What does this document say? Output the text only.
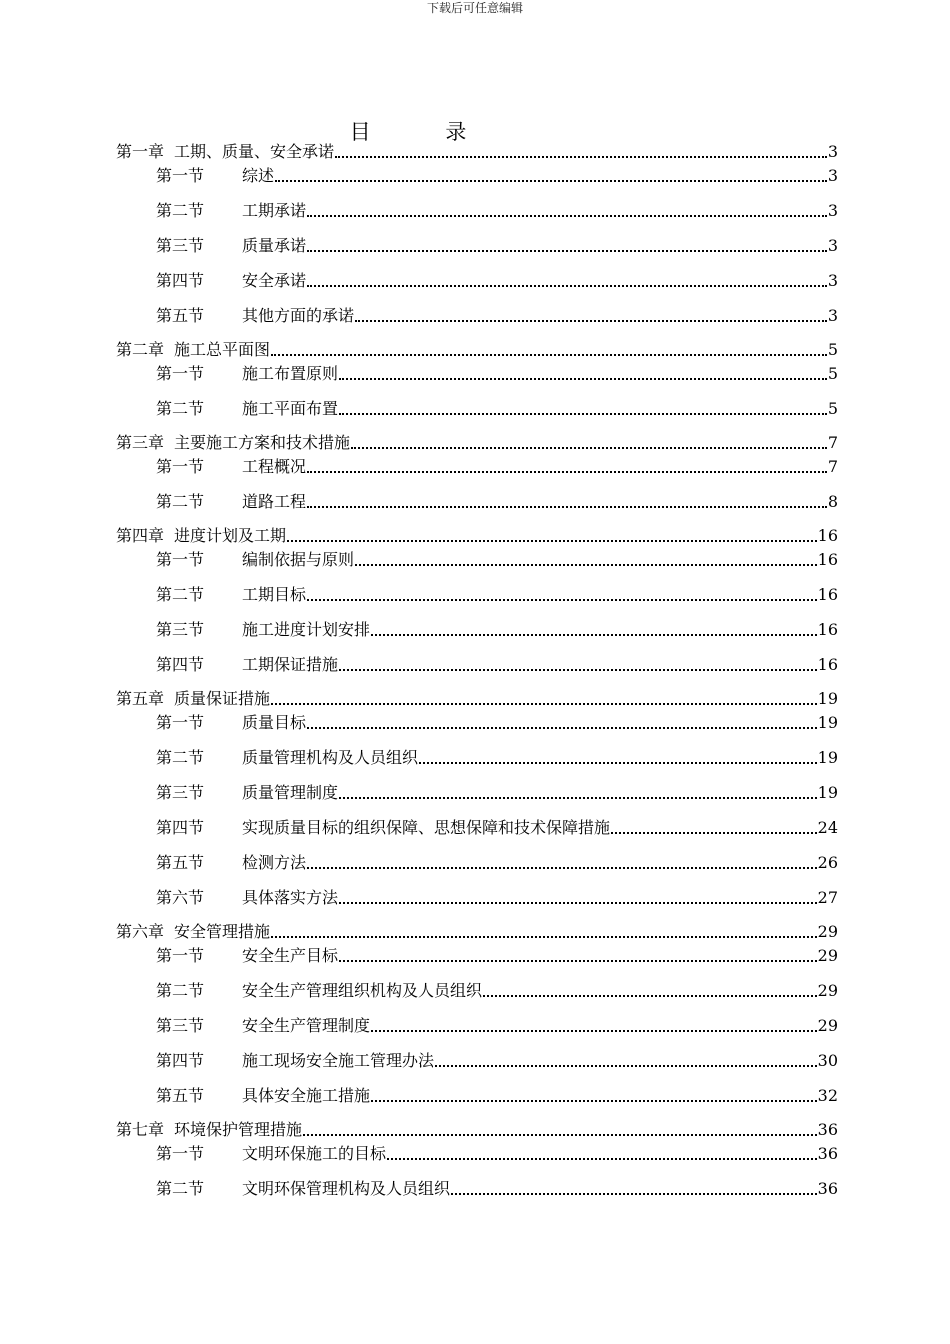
下载后可任意编辑
目 录
第一章 工期、质量、安全承诺	3
第一节	综述	3
第二节	工期承诺	3
第三节	质量承诺	3
第四节	安全承诺	3
第五节	其他方面的承诺	3
第二章 施工总平面图	5
第一节	施工布置原则	5
第二节	施工平面布置	5
第三章 主要施工方案和技术措施	7
第一节	工程概况	7
第二节	道路工程	8
第四章 进度计划及工期	16
第一节	编制依据与原则	16
第二节	工期目标	16
第三节	施工进度计划安排	16
第四节	工期保证措施	16
第五章 质量保证措施	19
第一节	质量目标	19
第二节	质量管理机构及人员组织	19
第三节	质量管理制度	19
第四节	实现质量目标的组织保障、思想保障和技术保障措施	24
第五节	检测方法	26
第六节	具体落实方法	27
第六章 安全管理措施	29
第一节	安全生产目标	29
第二节	安全生产管理组织机构及人员组织	29
第三节	安全生产管理制度	29
第四节	施工现场安全施工管理办法	30
第五节	具体安全施工措施	32
第七章 环境保护管理措施	36
第一节	文明环保施工的目标	36
第二节	文明环保管理机构及人员组织	36
